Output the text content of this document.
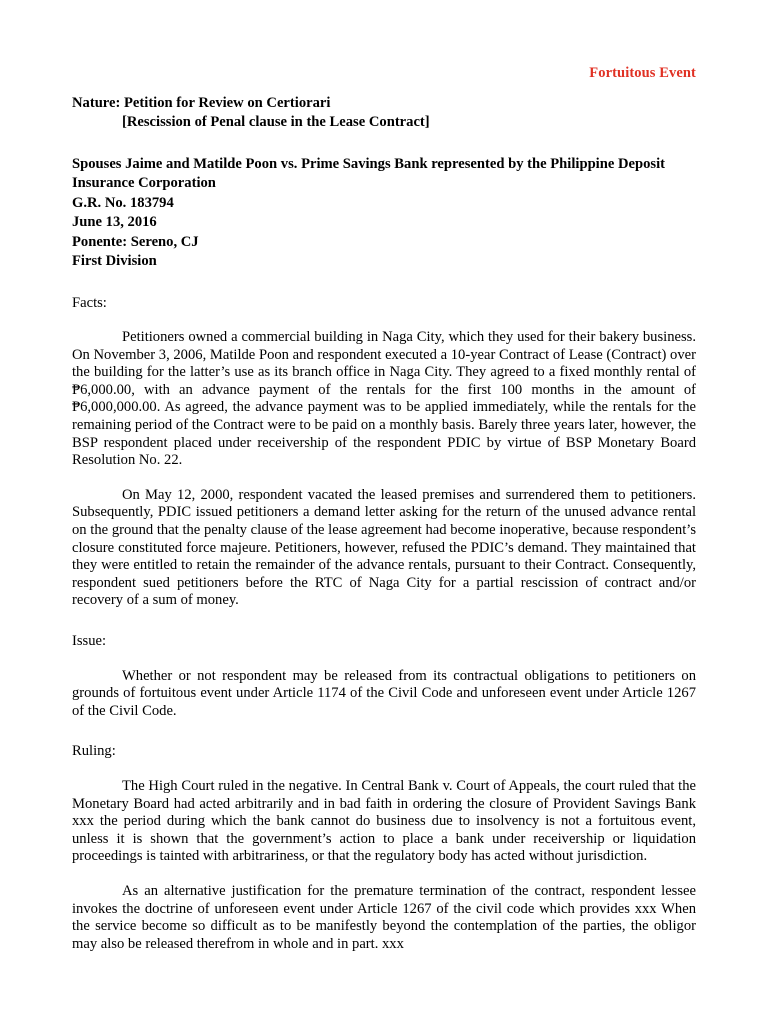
Fortuitous Event
Nature: Petition for Review on Certiorari
[Rescission of Penal clause in the Lease Contract]
Spouses Jaime and Matilde Poon vs. Prime Savings Bank represented by the Philippine Deposit Insurance Corporation
G.R. No. 183794
June 13, 2016
Ponente: Sereno, CJ
First Division
Facts:

Petitioners owned a commercial building in Naga City, which they used for their bakery business. On November 3, 2006, Matilde Poon and respondent executed a 10-year Contract of Lease (Contract) over the building for the latter’s use as its branch office in Naga City. They agreed to a fixed monthly rental of ₱6,000.00, with an advance payment of the rentals for the first 100 months in the amount of ₱6,000,000.00. As agreed, the advance payment was to be applied immediately, while the rentals for the remaining period of the Contract were to be paid on a monthly basis. Barely three years later, however, the BSP respondent placed under receivership of the respondent PDIC by virtue of BSP Monetary Board Resolution No. 22.

On May 12, 2000, respondent vacated the leased premises and surrendered them to petitioners. Subsequently, PDIC issued petitioners a demand letter asking for the return of the unused advance rental on the ground that the penalty clause of the lease agreement had become inoperative, because respondent’s closure constituted force majeure. Petitioners, however, refused the PDIC’s demand. They maintained that they were entitled to retain the remainder of the advance rentals, pursuant to their Contract. Consequently, respondent sued petitioners before the RTC of Naga City for a partial rescission of contract and/or recovery of a sum of money.

Issue:

Whether or not respondent may be released from its contractual obligations to petitioners on grounds of fortuitous event under Article 1174 of the Civil Code and unforeseen event under Article 1267 of the Civil Code.

Ruling:

The High Court ruled in the negative. In Central Bank v. Court of Appeals, the court ruled that the Monetary Board had acted arbitrarily and in bad faith in ordering the closure of Provident Savings Bank xxx the period during which the bank cannot do business due to insolvency is not a fortuitous event, unless it is shown that the government’s action to place a bank under receivership or liquidation proceedings is tainted with arbitrariness, or that the regulatory body has acted without jurisdiction.

As an alternative justification for the premature termination of the contract, respondent lessee invokes the doctrine of unforeseen event under Article 1267 of the civil code which provides xxx When the service become so difficult as to be manifestly beyond the contemplation of the parties, the obligor may also be released therefrom in whole and in part. xxx
